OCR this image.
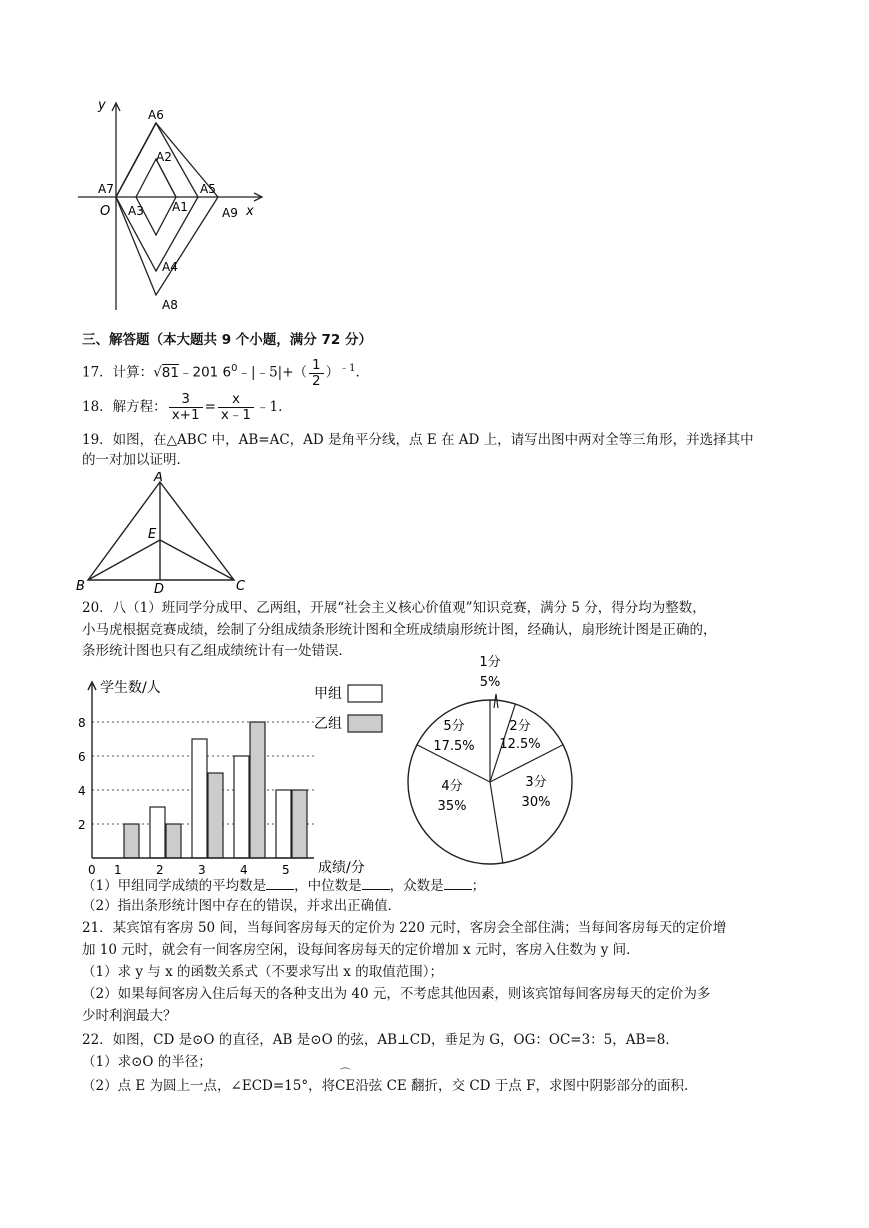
y
x
O
A6
A2
A7	A5
A3 A1	A9
A4
A8
三、解答题（本大题共 9 个小题，满分 72 分）
17．计算：√81﹣201 $6^0﹣|﹣5|+( \frac{1}{2} )^{﹣1}$.
18．解方程： $\frac{3}{x+1} = \frac{x}{x﹣1}$ ﹣1.
19．如图，在△ABC 中，AB=AC，AD 是角平分线，点 E 在 AD 上，请写出图中两对全等三角形，并选择其中
的一对加以证明．
A
B	C
D
E
20．八（1）班同学分成甲、乙两组，开展“社会主义核心价值观”知识竞赛，满分 5 分，得分均为整数，
小马虎根据竞赛成绩，绘制了分组成绩条形统计图和全班成绩扇形统计图，经确认，扇形统计图是正确的，
条形统计图也只有乙组成绩统计有一处错误．
2
4
6
8
1	2	3	4	5
学生数/人
成绩/分
0
甲组
乙组
1分
5%
2分
12.5%
3分
30%
4分
35%
5分
17.5%
（1）甲组同学成绩的平均数是 ，中位数是 ，众数是 ；
（2）指出条形统计图中存在的错误，并求出正确值．
21．某宾馆有客房 50 间，当每间客房每天的定价为 220 元时，客房会全部住满；当每间客房每天的定价增
加 10 元时，就会有一间客房空闲，设每间客房每天的定价增加 x 元时，客房入住数为 y 间．
（1）求 y 与 x 的函数关系式（不要求写出 x 的取值范围）；
（2）如果每间客房入住后每天的各种支出为 40 元，不考虑其他因素，则该宾馆每间客房每天的定价为多
少时利润最大？
22．如图，CD 是⊙O 的直径，AB 是⊙O 的弦，AB⊥CD，垂足为 G，OG：OC=3：5，AB=8．
（1）求⊙O 的半径；
（2）点 E 为圆上一点，∠ECD=15°，将
⌒
CE沿弦 CE 翻折，交 CD 于点 F，求图中阴影部分的面积．
